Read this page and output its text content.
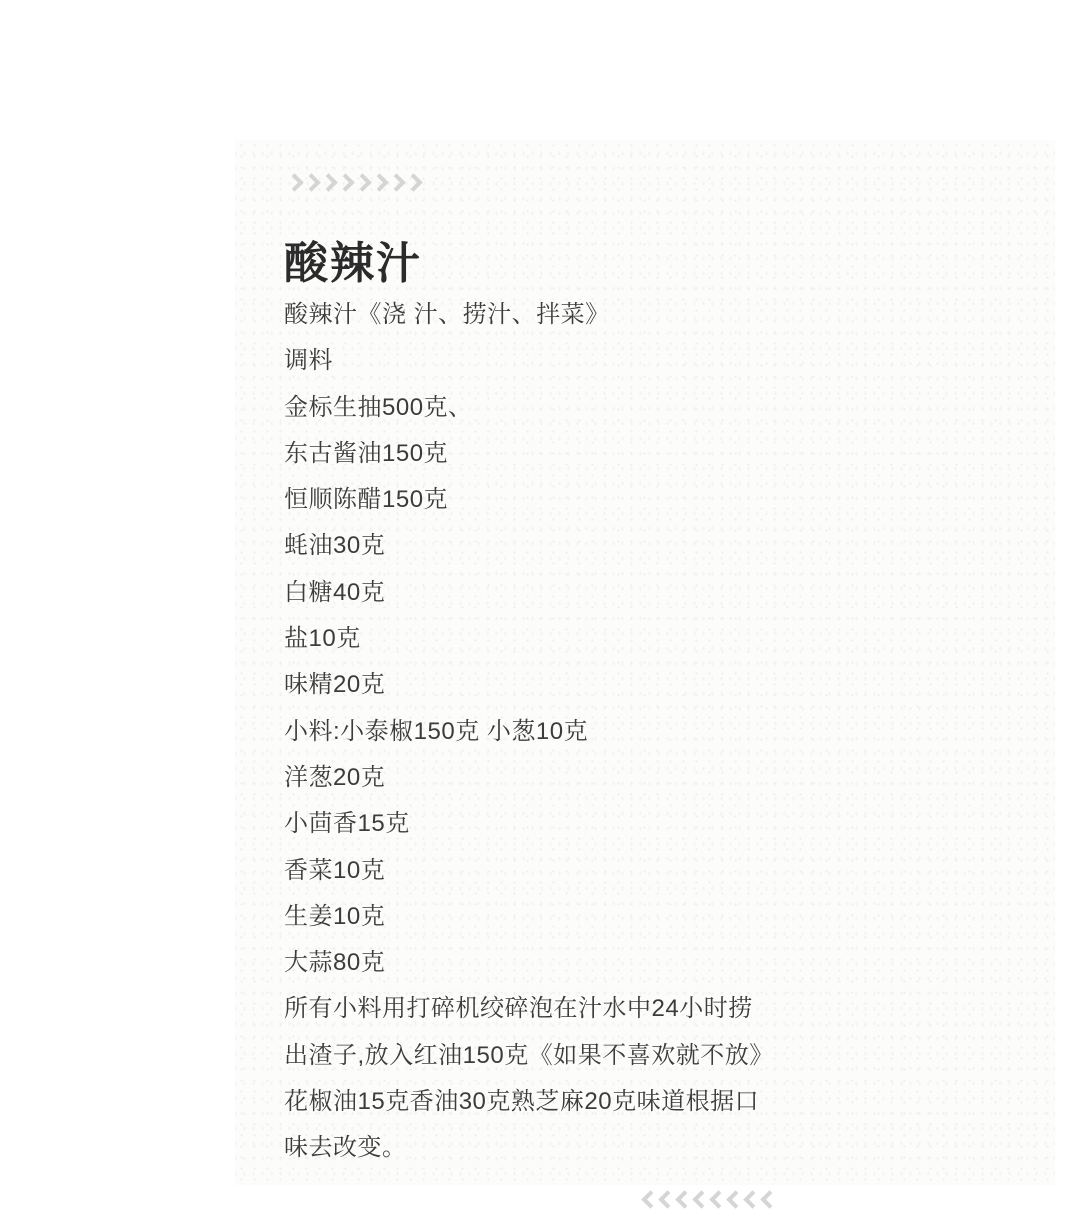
酸辣汁
酸辣汁《浇 汁、捞汁、拌菜》
调料
金标生抽500克、
东古酱油150克
恒顺陈醋150克
蚝油30克
白糖40克
盐10克
味精20克
小料:小泰椒150克 小葱10克
洋葱20克
小茴香15克
香菜10克
生姜10克
大蒜80克
所有小料用打碎机绞碎泡在汁水中24小时捞
出渣子,放入红油150克《如果不喜欢就不放》
花椒油15克香油30克熟芝麻20克味道根据口
味去改变。
